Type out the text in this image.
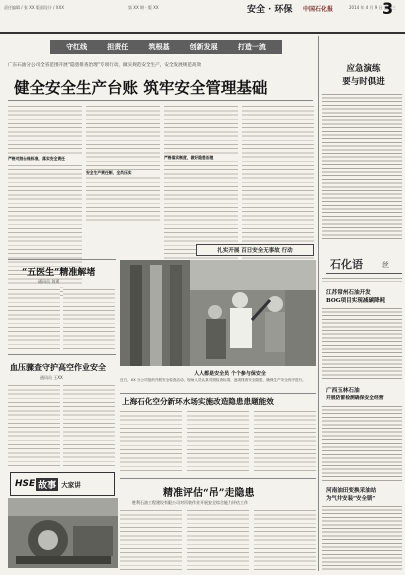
责任编辑 / 张 XX 版面设计 / XXX	第 XX 期 · 版 XX	安全 · 环保 中国石化报	2014 年 4 月 9 日 星期三
3
守红线	担责任	筑根基	创新发展	打造一流
广东石油分公司全省范围开展“隐患排查治理”专项行动，做实规范安全生产，安全发展规范高效
健全安全生产台账 筑牢安全管理基础
严格对照台账标准，落实安全责任
安全生产责任制，全员压实
严格落实制度，做好隐患治理
应急演练
要与时俱进
扎实开展 百日安全无事故 行动
石化语	丝
江苏常州石油开发
BOG项目实现减碳降耗
“五医生”精准解堵
通讯员 刘勇
人人都是安全员 个个参与保安全
近日，XX 分公司组织开展安全检查活动，现场人员认真对照检查标准，逐项排查安全隐患，确保生产安全有序进行。
血压骤查守护高空作业安全
通讯员 王XX
HSE 故事 大家讲
上海石化空分新环水场实施改造隐患患题能效
广西玉林石油
开展防雷检测确保安全经营
精准评估“吊”走隐患
胜利石油工程建设有限公司对吊装作业开展安全综合能力评估工作
河南油田变换采油站
为气井安装“安全锁”
